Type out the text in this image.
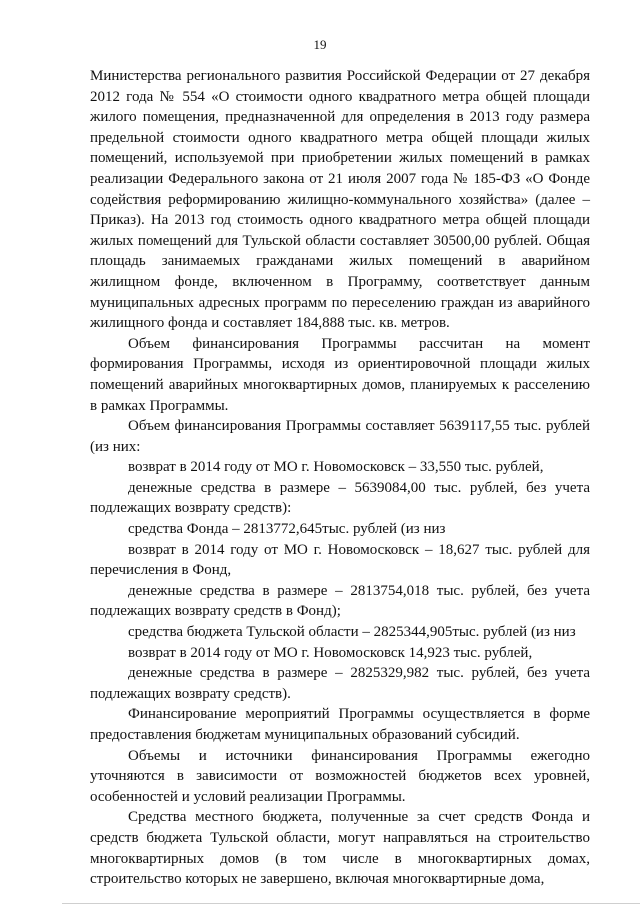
19

Министерства регионального развития Российской Федерации от 27 декабря 2012 года № 554 «О стоимости одного квадратного метра общей площади жилого помещения, предназначенной для определения в 2013 году размера предельной стоимости одного квадратного метра общей площади жилых помещений, используемой при приобретении жилых помещений в рамках реализации Федерального закона от 21 июля 2007 года № 185-ФЗ «О Фонде содействия реформированию жилищно-коммунального хозяйства» (далее – Приказ). На 2013 год стоимость одного квадратного метра общей площади жилых помещений для Тульской области составляет 30500,00 рублей. Общая площадь занимаемых гражданами жилых помещений в аварийном жилищном фонде, включенном в Программу, соответствует данным муниципальных адресных программ по переселению граждан из аварийного жилищного фонда и составляет 184,888 тыс. кв. метров.

Объем финансирования Программы рассчитан на момент формирования Программы, исходя из ориентировочной площади жилых помещений аварийных многоквартирных домов, планируемых к расселению в рамках Программы.

Объем финансирования Программы составляет 5639117,55 тыс. рублей (из них:

возврат в 2014 году от МО г. Новомосковск – 33,550 тыс. рублей,

денежные средства в размере – 5639084,00 тыс. рублей, без учета подлежащих возврату средств):

средства Фонда – 2813772,645тыс. рублей (из низ

возврат в 2014 году от МО г. Новомосковск – 18,627 тыс. рублей для перечисления в Фонд,

денежные средства в размере – 2813754,018 тыс. рублей, без учета подлежащих возврату средств в Фонд);

средства бюджета Тульской области – 2825344,905тыс. рублей (из низ

возврат в 2014 году от МО г. Новомосковск 14,923 тыс. рублей,

денежные средства в размере – 2825329,982 тыс. рублей, без учета подлежащих возврату средств).

Финансирование мероприятий Программы осуществляется в форме предоставления бюджетам муниципальных образований субсидий.

Объемы и источники финансирования Программы ежегодно уточняются в зависимости от возможностей бюджетов всех уровней, особенностей и условий реализации Программы.

Средства местного бюджета, полученные за счет средств Фонда и средств бюджета Тульской области, могут направляться на строительство многоквартирных домов (в том числе в многоквартирных домах, строительство которых не завершено, включая многоквартирные дома,
